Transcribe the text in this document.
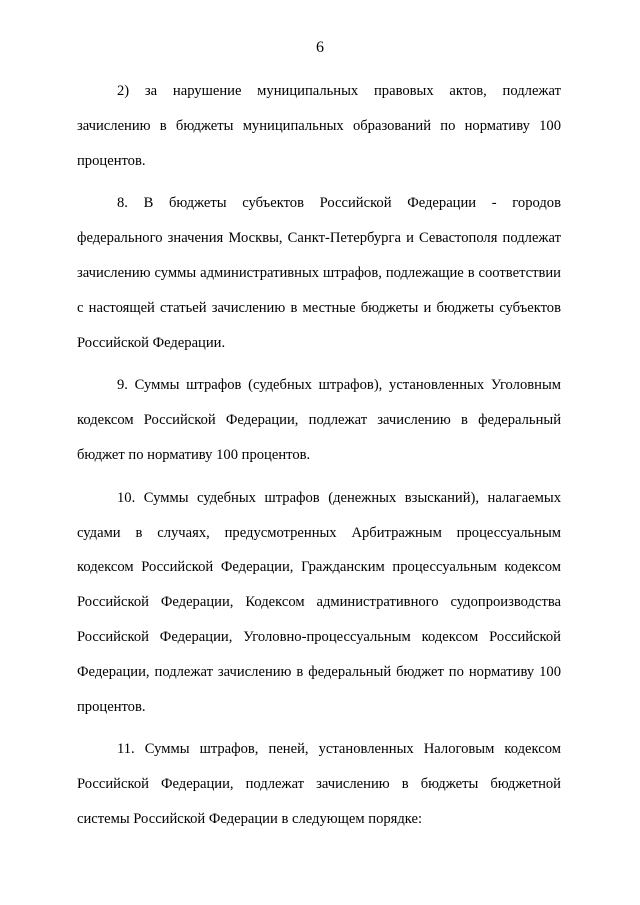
6

2) за нарушение муниципальных правовых актов, подлежат зачислению в бюджеты муниципальных образований по нормативу 100 процентов.

8. В бюджеты субъектов Российской Федерации - городов федерального значения Москвы, Санкт-Петербурга и Севастополя подлежат зачислению суммы административных штрафов, подлежащие в соответствии с настоящей статьей зачислению в местные бюджеты и бюджеты субъектов Российской Федерации.

9. Суммы штрафов (судебных штрафов), установленных Уголовным кодексом Российской Федерации, подлежат зачислению в федеральный бюджет по нормативу 100 процентов.

10. Суммы судебных штрафов (денежных взысканий), налагаемых судами в случаях, предусмотренных Арбитражным процессуальным кодексом Российской Федерации, Гражданским процессуальным кодексом Российской Федерации, Кодексом административного судопроизводства Российской Федерации, Уголовно-процессуальным кодексом Российской Федерации, подлежат зачислению в федеральный бюджет по нормативу 100 процентов.

11. Суммы штрафов, пеней, установленных Налоговым кодексом Российской Федерации, подлежат зачислению в бюджеты бюджетной системы Российской Федерации в следующем порядке:
